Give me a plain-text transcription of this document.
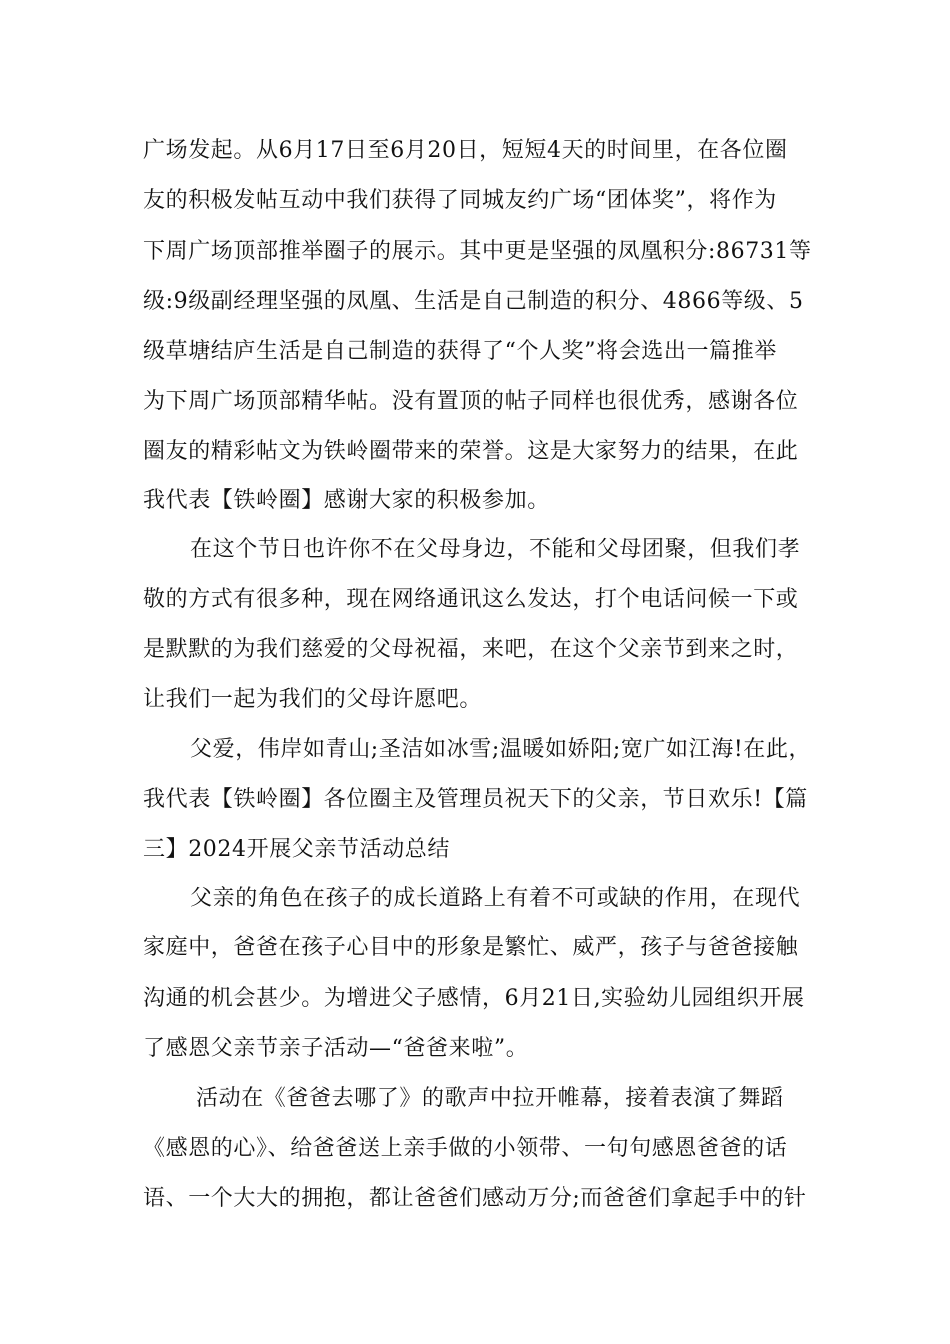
广场发起。从6月17日至6月20日，短短4天的时间里，在各位圈
友的积极发帖互动中我们获得了同城友约广场“团体奖”，将作为
下周广场顶部推举圈子的展示。其中更是坚强的凤凰积分:86731等
级:9级副经理坚强的凤凰、生活是自己制造的积分、4866等级、5
级草塘结庐生活是自己制造的获得了“个人奖”将会选出一篇推举
为下周广场顶部精华帖。没有置顶的帖子同样也很优秀，感谢各位
圈友的精彩帖文为铁岭圈带来的荣誉。这是大家努力的结果，在此
我代表【铁岭圈】感谢大家的积极参加。
在这个节日也许你不在父母身边，不能和父母团聚，但我们孝
敬的方式有很多种，现在网络通讯这么发达，打个电话问候一下或
是默默的为我们慈爱的父母祝福，来吧，在这个父亲节到来之时，
让我们一起为我们的父母许愿吧。
父爱，伟岸如青山;圣洁如冰雪;温暖如娇阳;宽广如江海!在此，
我代表【铁岭圈】各位圈主及管理员祝天下的父亲，节日欢乐!【篇
三】2024开展父亲节活动总结
父亲的角色在孩子的成长道路上有着不可或缺的作用，在现代
家庭中，爸爸在孩子心目中的形象是繁忙、威严，孩子与爸爸接触
沟通的机会甚少。为增进父子感情，6月21日,实验幼儿园组织开展
了感恩父亲节亲子活动—“爸爸来啦”。
活动在《爸爸去哪了》的歌声中拉开帷幕，接着表演了舞蹈
《感恩的心》、给爸爸送上亲手做的小领带、一句句感恩爸爸的话
语、一个大大的拥抱，都让爸爸们感动万分;而爸爸们拿起手中的针
